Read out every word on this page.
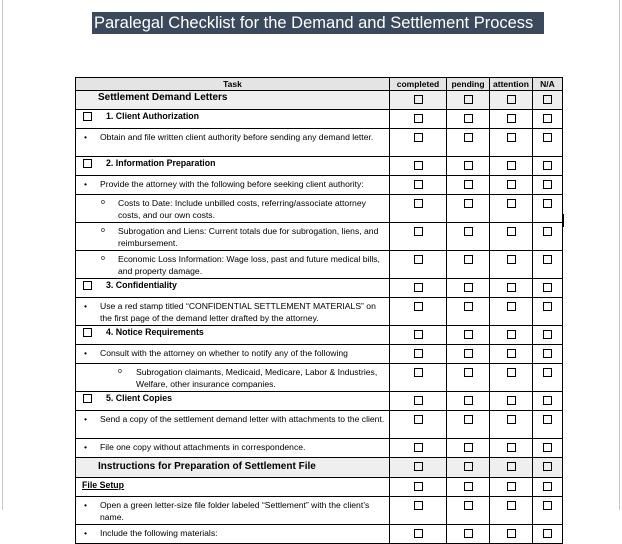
Paralegal Checklist for the Demand and Settlement Process
Task	completed	pending	attention	N/A
Settlement Demand Letters				

1. Client Authorization				

• Obtain and file written client authority before sending any demand letter.				

2. Information Preparation				

• Provide the attorney with the following before seeking client authority:				

o Costs to Date: Include unbilled costs, referring/associate attorney costs, and our own costs.				

o Subrogation and Liens: Current totals due for subrogation, liens, and reimbursement.				

o Economic Loss Information: Wage loss, past and future medical bills, and property damage.				

3. Confidentiality				

• Use a red stamp titled “CONFIDENTIAL SETTLEMENT MATERIALS” on the first page of the demand letter drafted by the attorney.				

4. Notice Requirements				

• Consult with the attorney on whether to notify any of the following				

o Subrogation claimants, Medicaid, Medicare, Labor & Industries, Welfare, other insurance companies.				

5. Client Copies				

• Send a copy of the settlement demand letter with attachments to the client.				

• File one copy without attachments in correspondence.				

Instructions for Preparation of Settlement File				
File Setup				

• Open a green letter-size file folder labeled “Settlement” with the client’s name.				

• Include the following materials:				
